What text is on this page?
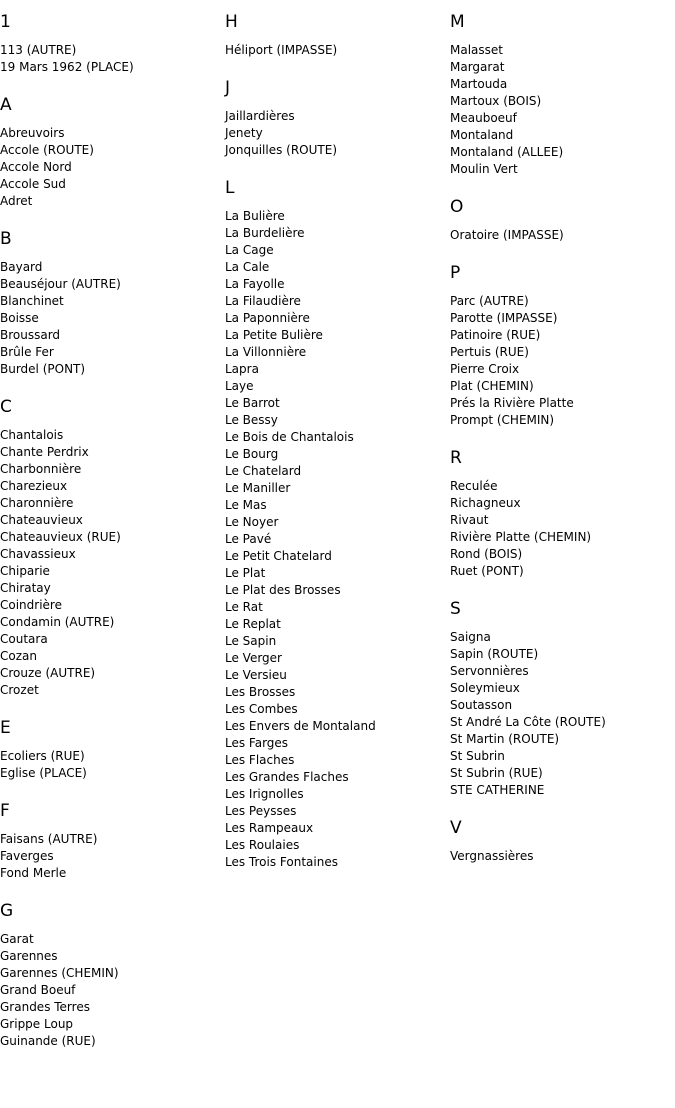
1
113 (AUTRE)
19 Mars 1962 (PLACE)
A
Abreuvoirs
Accole (ROUTE)
Accole Nord
Accole Sud
Adret
B
Bayard
Beauséjour (AUTRE)
Blanchinet
Boisse
Broussard
Brûle Fer
Burdel (PONT)
C
Chantalois
Chante Perdrix
Charbonnière
Charezieux
Charonnière
Chateauvieux
Chateauvieux (RUE)
Chavassieux
Chiparie
Chiratay
Coindrière
Condamin (AUTRE)
Coutara
Cozan
Crouze (AUTRE)
Crozet
E
Ecoliers (RUE)
Eglise (PLACE)
F
Faisans (AUTRE)
Faverges
Fond Merle
G
Garat
Garennes
Garennes (CHEMIN)
Grand Boeuf
Grandes Terres
Grippe Loup
Guinande (RUE)
H
Héliport (IMPASSE)
J
Jaillardières
Jenety
Jonquilles (ROUTE)
L
La Bulière
La Burdelière
La Cage
La Cale
La Fayolle
La Filaudière
La Paponnière
La Petite Bulière
La Villonnière
Lapra
Laye
Le Barrot
Le Bessy
Le Bois de Chantalois
Le Bourg
Le Chatelard
Le Maniller
Le Mas
Le Noyer
Le Pavé
Le Petit Chatelard
Le Plat
Le Plat des Brosses
Le Rat
Le Replat
Le Sapin
Le Verger
Le Versieu
Les Brosses
Les Combes
Les Envers de Montaland
Les Farges
Les Flaches
Les Grandes Flaches
Les Irignolles
Les Peysses
Les Rampeaux
Les Roulaies
Les Trois Fontaines
M
Malasset
Margarat
Martouda
Martoux (BOIS)
Meauboeuf
Montaland
Montaland (ALLEE)
Moulin Vert
O
Oratoire (IMPASSE)
P
Parc (AUTRE)
Parotte (IMPASSE)
Patinoire (RUE)
Pertuis (RUE)
Pierre Croix
Plat (CHEMIN)
Prés la Rivière Platte
Prompt (CHEMIN)
R
Reculée
Richagneux
Rivaut
Rivière Platte (CHEMIN)
Rond (BOIS)
Ruet (PONT)
S
Saigna
Sapin (ROUTE)
Servonnières
Soleymieux
Soutasson
St André La Côte (ROUTE)
St Martin (ROUTE)
St Subrin
St Subrin (RUE)
STE CATHERINE
V
Vergnassières
